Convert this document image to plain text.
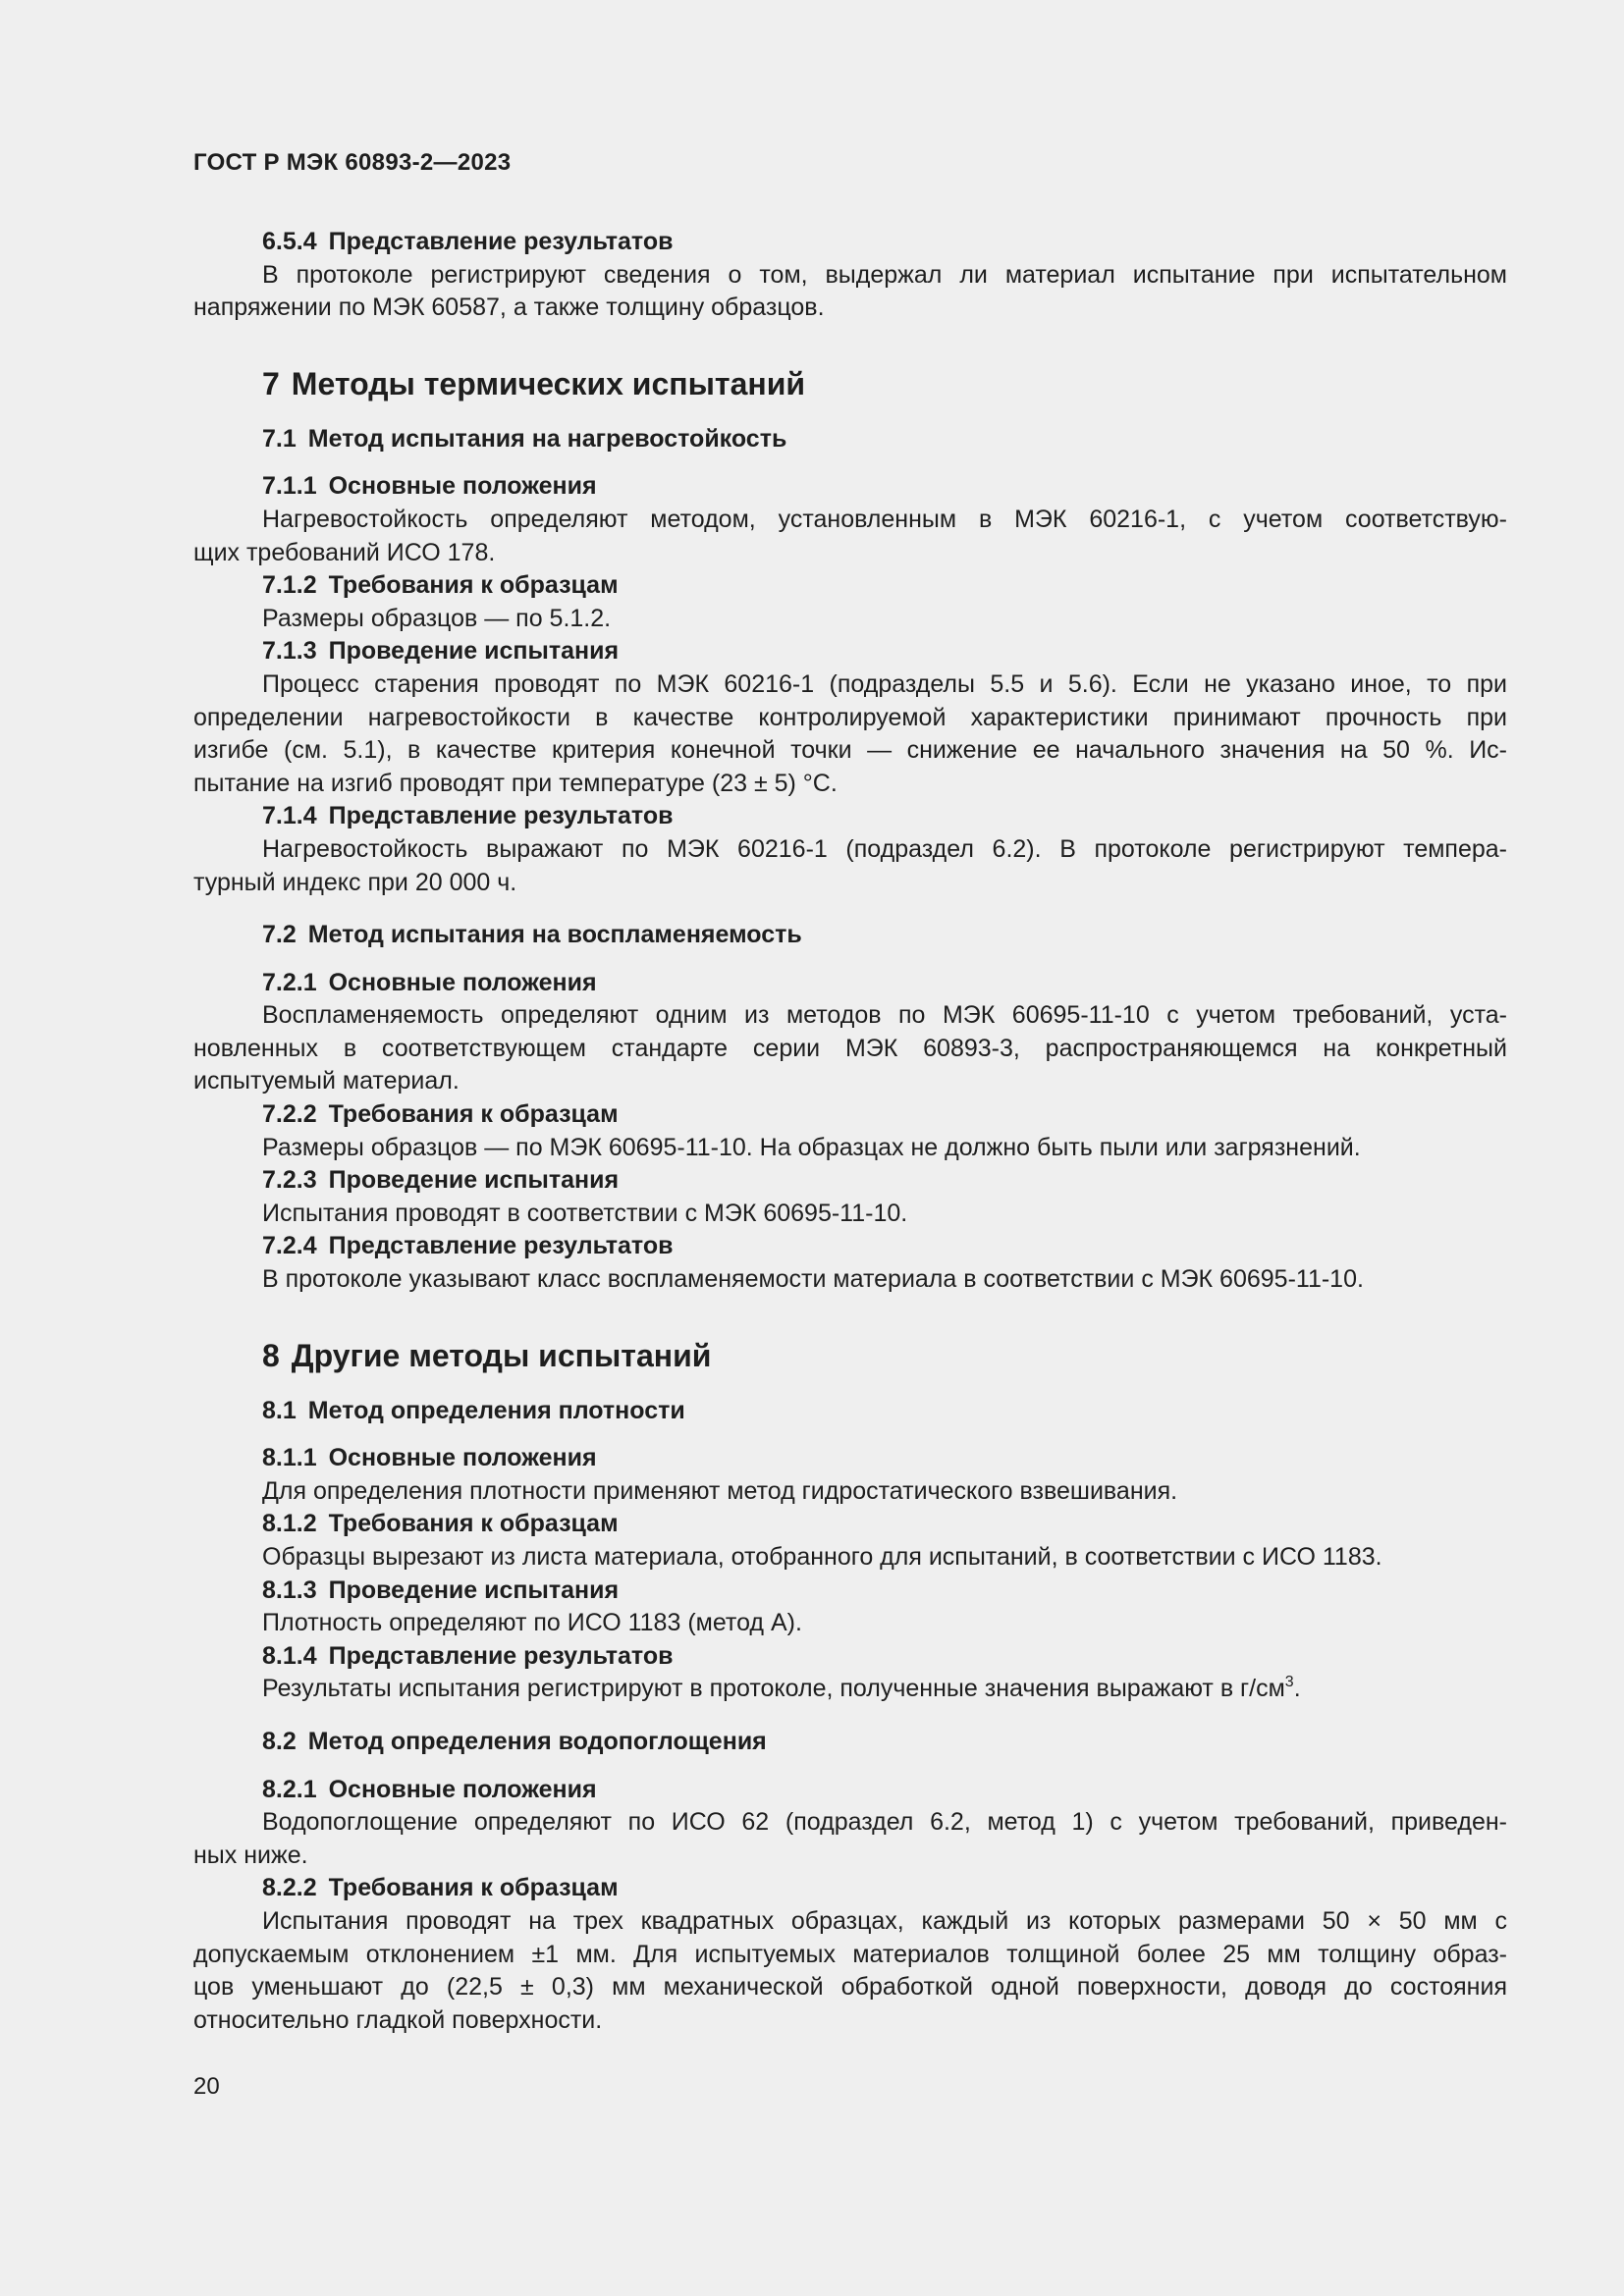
ГОСТ Р МЭК 60893-2—2023

6.5.4 Представление результатов

В протоколе регистрируют сведения о том, выдержал ли материал испытание при испытательном

напряжении по МЭК 60587, а также толщину образцов.

7 Методы термических испытаний
7.1 Метод испытания на нагревостойкость

7.1.1 Основные положения

Нагревостойкость определяют методом, установленным в МЭК 60216-1, с учетом соответствую-

щих требований ИСО 178.

7.1.2 Требования к образцам

Размеры образцов — по 5.1.2.

7.1.3 Проведение испытания

Процесс старения проводят по МЭК 60216-1 (подразделы 5.5 и 5.6). Если не указано иное, то при

определении нагревостойкости в качестве контролируемой характеристики принимают прочность при

изгибе (см. 5.1), в качестве критерия конечной точки — снижение ее начального значения на 50 %. Ис-

пытание на изгиб проводят при температуре (23 ± 5) °С.

7.1.4 Представление результатов

Нагревостойкость выражают по МЭК 60216-1 (подраздел 6.2). В протоколе регистрируют темпера-

турный индекс при 20 000 ч.

7.2 Метод испытания на воспламеняемость

7.2.1 Основные положения

Воспламеняемость определяют одним из методов по МЭК 60695-11-10 с учетом требований, уста-

новленных в соответствующем стандарте серии МЭК 60893-3, распространяющемся на конкретный

испытуемый материал.

7.2.2 Требования к образцам

Размеры образцов — по МЭК 60695-11-10. На образцах не должно быть пыли или загрязнений.

7.2.3 Проведение испытания

Испытания проводят в соответствии с МЭК 60695-11-10.

7.2.4 Представление результатов

В протоколе указывают класс воспламеняемости материала в соответствии с МЭК 60695-11-10.

8 Другие методы испытаний
8.1 Метод определения плотности

8.1.1 Основные положения

Для определения плотности применяют метод гидростатического взвешивания.

8.1.2 Требования к образцам

Образцы вырезают из листа материала, отобранного для испытаний, в соответствии с ИСО 1183.

8.1.3 Проведение испытания

Плотность определяют по ИСО 1183 (метод А).

8.1.4 Представление результатов

Результаты испытания регистрируют в протоколе, полученные значения выражают в $г/см^3$.

8.2 Метод определения водопоглощения

8.2.1 Основные положения

Водопоглощение определяют по ИСО 62 (подраздел 6.2, метод 1) с учетом требований, приведен-

ных ниже.

8.2.2 Требования к образцам

Испытания проводят на трех квадратных образцах, каждый из которых размерами 50 × 50 мм с

допускаемым отклонением ±1 мм. Для испытуемых материалов толщиной более 25 мм толщину образ-

цов уменьшают до (22,5 ± 0,3) мм механической обработкой одной поверхности, доводя до состояния

относительно гладкой поверхности.

20
